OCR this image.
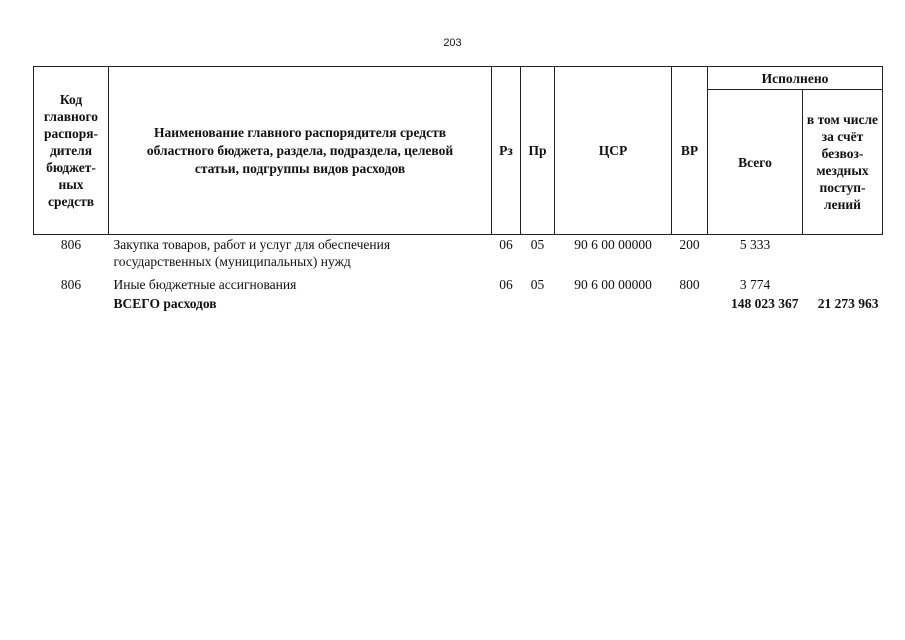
203
Код главного распоря-дителя бюджет-ных средств	Наименование главного распорядителя средств областного бюджета, раздела, подраздела, целевой статьи, подгруппы видов расходов	Рз	Пр	ЦСР	ВР	Исполнено	
						Всего	в том числе за счёт безвоз-мездных поступ-лений
806	Закупка товаров, работ и услуг для обеспечения государственных (муниципальных) нужд	06	05	90 6 00 00000	200	5 333	
806	Иные бюджетные ассигнования	06	05	90 6 00 00000	800	3 774	
	ВСЕГО расходов					148 023 367	21 273 963
